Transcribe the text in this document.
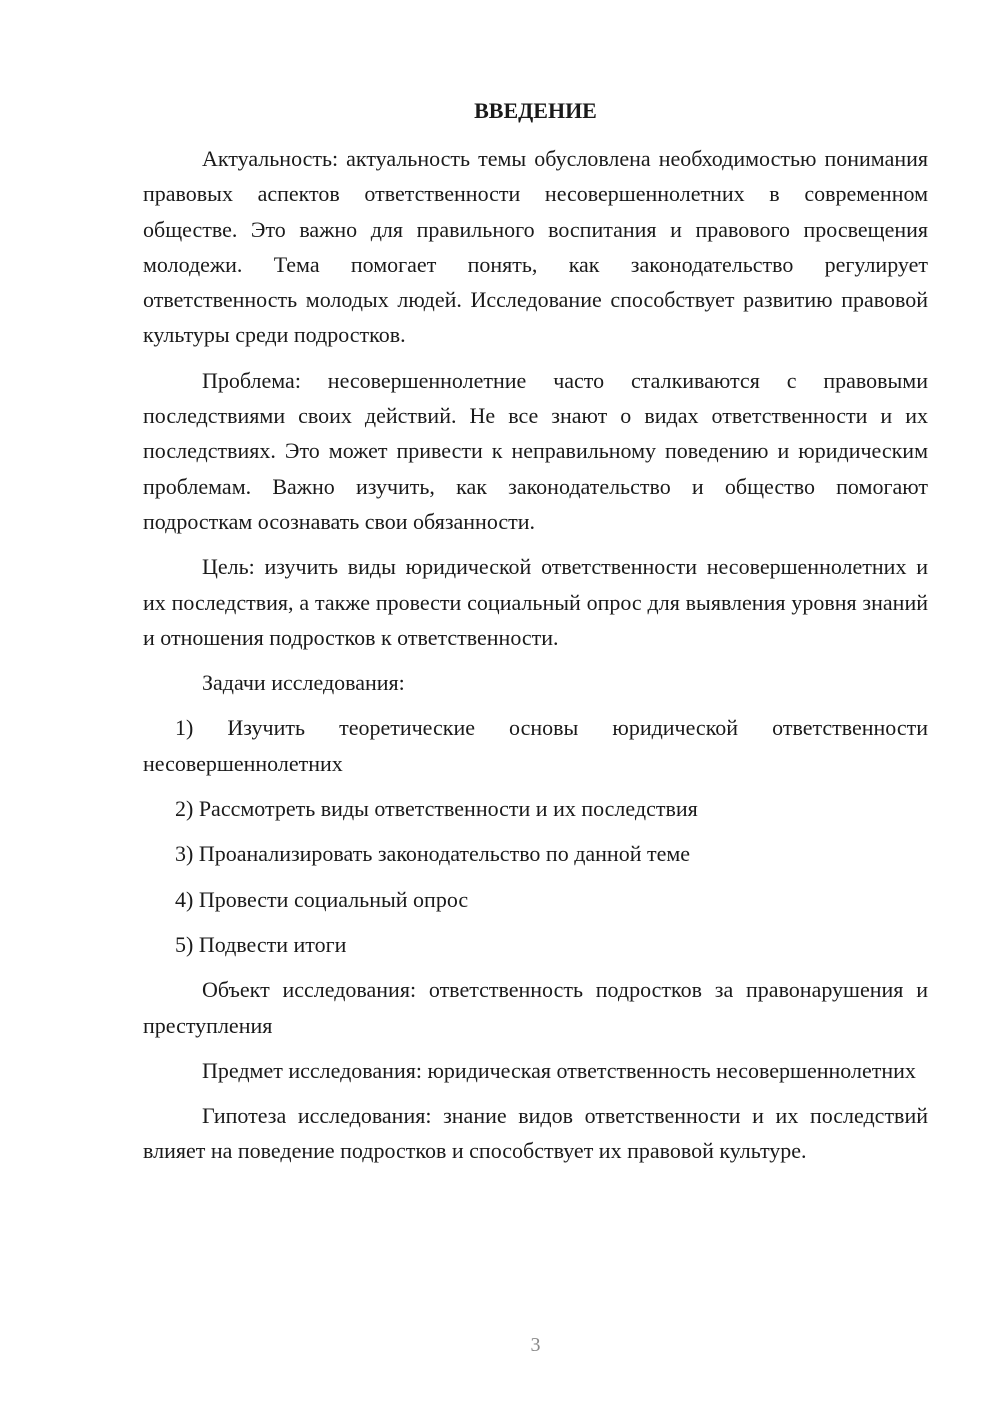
ВВЕДЕНИЕ

Актуальность: актуальность темы обусловлена необходимостью понимания правовых аспектов ответственности несовершеннолетних в современном обществе. Это важно для правильного воспитания и правового просвещения молодежи. Тема помогает понять, как законодательство регулирует ответственность молодых людей. Исследование способствует развитию правовой культуры среди подростков.

Проблема: несовершеннолетние часто сталкиваются с правовыми последствиями своих действий. Не все знают о видах ответственности и их последствиях. Это может привести к неправильному поведению и юридическим проблемам. Важно изучить, как законодательство и общество помогают подросткам осознавать свои обязанности.

Цель: изучить виды юридической ответственности несовершеннолетних и их последствия, а также провести социальный опрос для выявления уровня знаний и отношения подростков к ответственности.

Задачи исследования:

1) Изучить теоретические основы юридической ответственности несовершеннолетних

2) Рассмотреть виды ответственности и их последствия

3) Проанализировать законодательство по данной теме

4) Провести социальный опрос

5) Подвести итоги

Объект исследования: ответственность подростков за правонарушения и преступления

Предмет исследования: юридическая ответственность несовершеннолетних

Гипотеза исследования: знание видов ответственности и их последствий влияет на поведение подростков и способствует их правовой культуре.

3
